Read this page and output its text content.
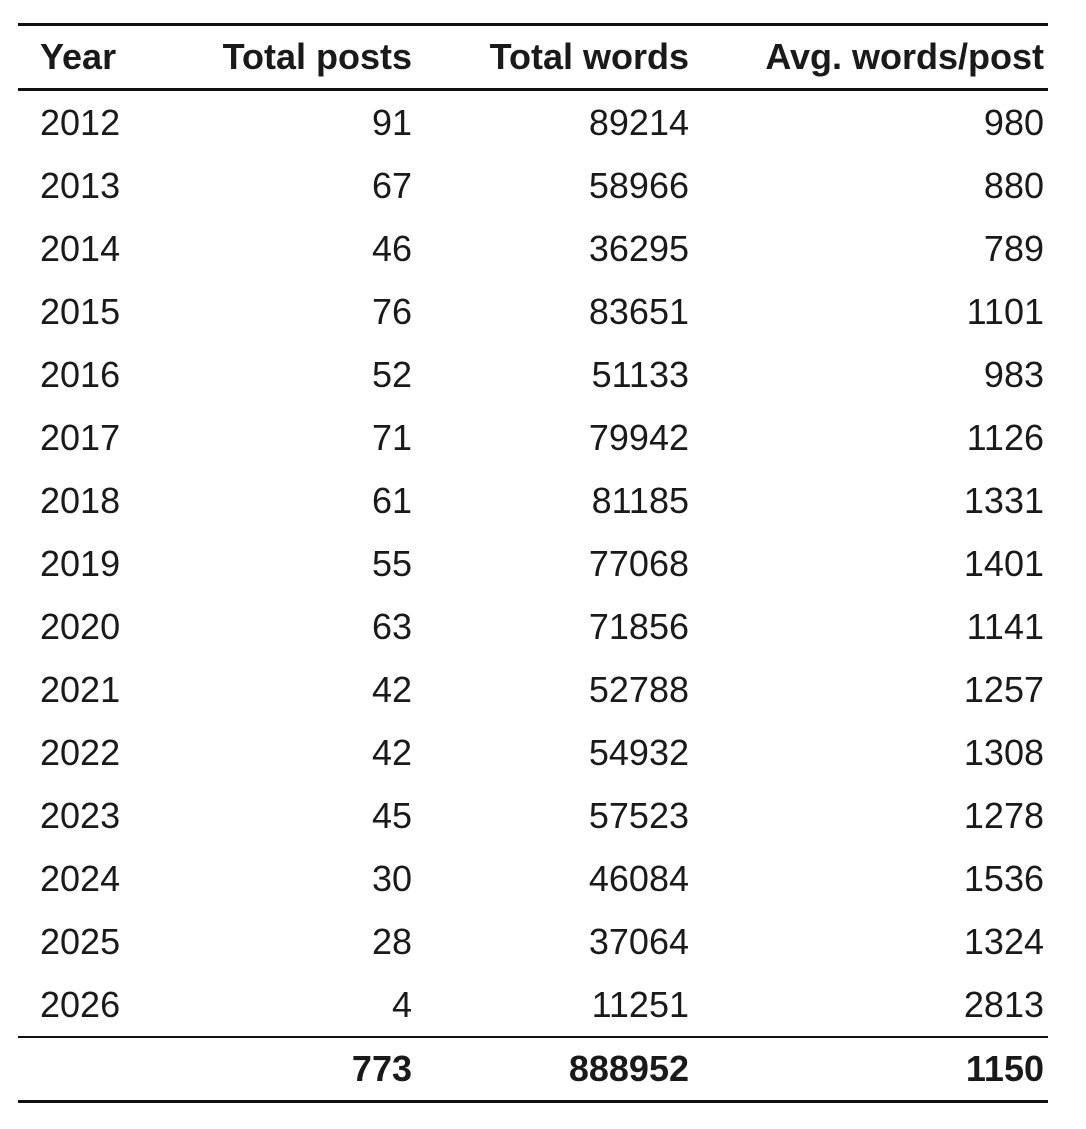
Year	Total posts	Total words	Avg. words/post
2012	91	89214	980
2013	67	58966	880
2014	46	36295	789
2015	76	83651	1101
2016	52	51133	983
2017	71	79942	1126
2018	61	81185	1331
2019	55	77068	1401
2020	63	71856	1141
2021	42	52788	1257
2022	42	54932	1308
2023	45	57523	1278
2024	30	46084	1536
2025	28	37064	1324
2026	4	11251	2813
	773	888952	1150
